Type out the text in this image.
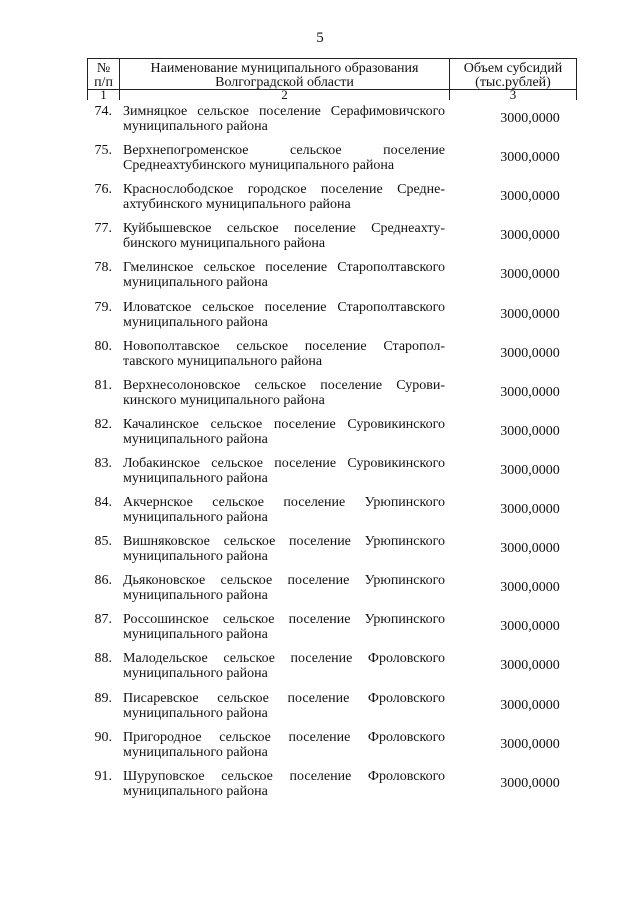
5
№
п/п
1
Наименование муниципального образования
Волгоградской области
2
Объем субсидий
(тыс.рублей)
3
74. Зимняцкое сельское поселение Серафимовичского
муниципального района
3000,0000
75. Верхнепогроменское сельское поселение
Среднеахтубинского муниципального района
3000,0000
76. Краснослободское городское поселение Средне-
ахтубинского муниципального района
3000,0000
77. Куйбышевское сельское поселение Среднеахту-
бинского муниципального района
3000,0000
78. Гмелинское сельское поселение Старополтавского
муниципального района
3000,0000
79. Иловатское сельское поселение Старополтавского
муниципального района
3000,0000
80. Новополтавское сельское поселение Старопол-
тавского муниципального района
3000,0000
81. Верхнесолоновское сельское поселение Сурови-
кинского муниципального района
3000,0000
82. Качалинское сельское поселение Суровикинского
муниципального района
3000,0000
83. Лобакинское сельское поселение Суровикинского
муниципального района
3000,0000
84. Акчернское сельское поселение Урюпинского
муниципального района
3000,0000
85. Вишняковское сельское поселение Урюпинского
муниципального района
3000,0000
86. Дьяконовское сельское поселение Урюпинского
муниципального района
3000,0000
87. Россошинское сельское поселение Урюпинского
муниципального района
3000,0000
88. Малодельское сельское поселение Фроловского
муниципального района
3000,0000
89. Писаревское сельское поселение Фроловского
муниципального района
3000,0000
90. Пригородное сельское поселение Фроловского
муниципального района
3000,0000
91. Шуруповское сельское поселение Фроловского
муниципального района
3000,0000
